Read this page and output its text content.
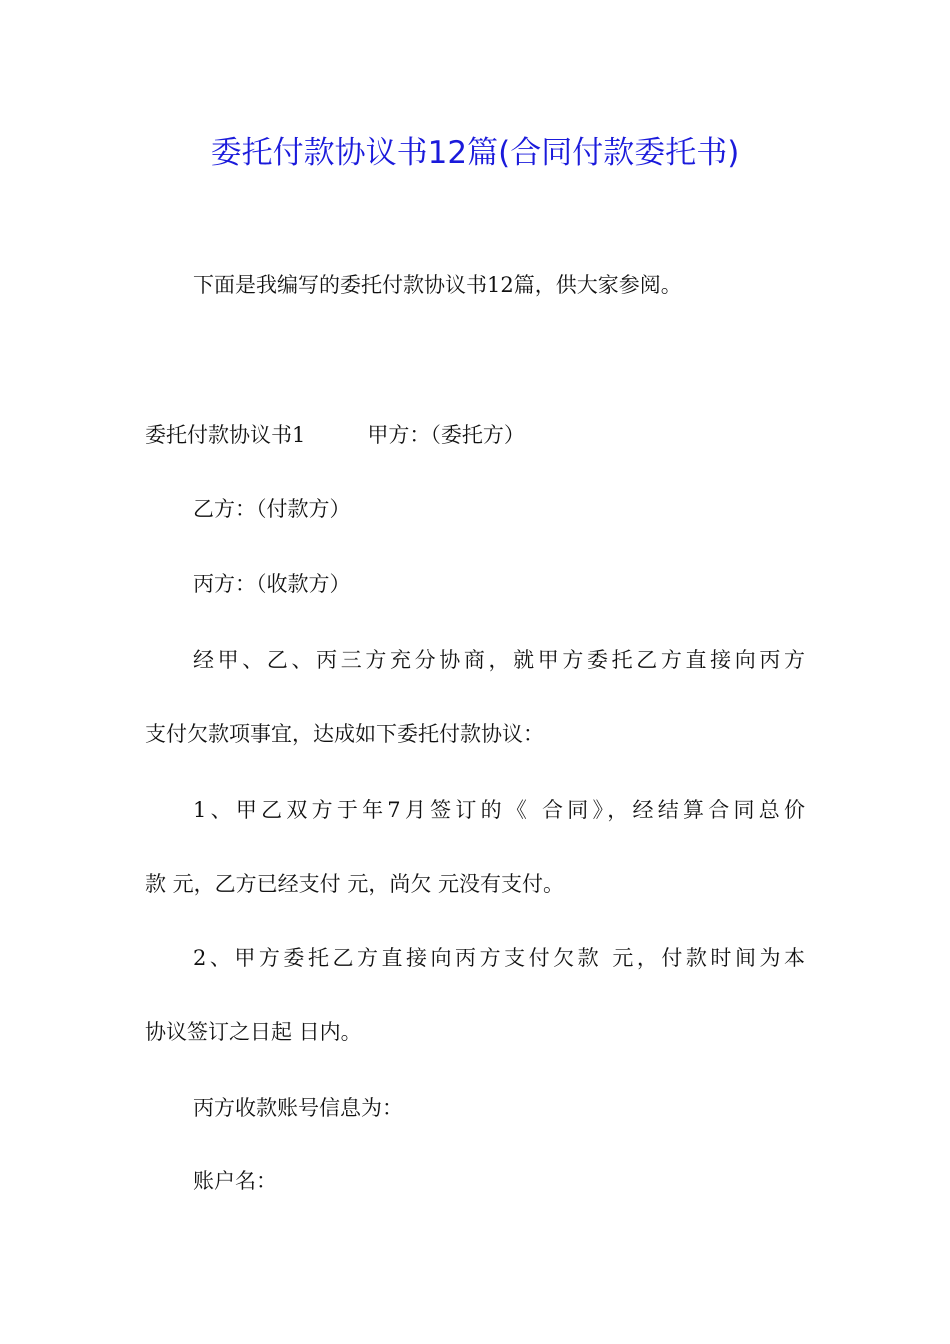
委托付款协议书12篇(合同付款委托书)
下面是我编写的委托付款协议书12篇，供大家参阅。
委托付款协议书1	甲方：（委托方）
乙方：（付款方）
丙方：（收款方）
经甲、乙、丙三方充分协商，就甲方委托乙方直接向丙方
支付欠款项事宜，达成如下委托付款协议：
1、甲乙双方于年7月签订的《 合同》，经结算合同总价
款 元，乙方已经支付 元，尚欠 元没有支付。
2、甲方委托乙方直接向丙方支付欠款 元，付款时间为本
协议签订之日起 日内。
丙方收款账号信息为：
账户名：
